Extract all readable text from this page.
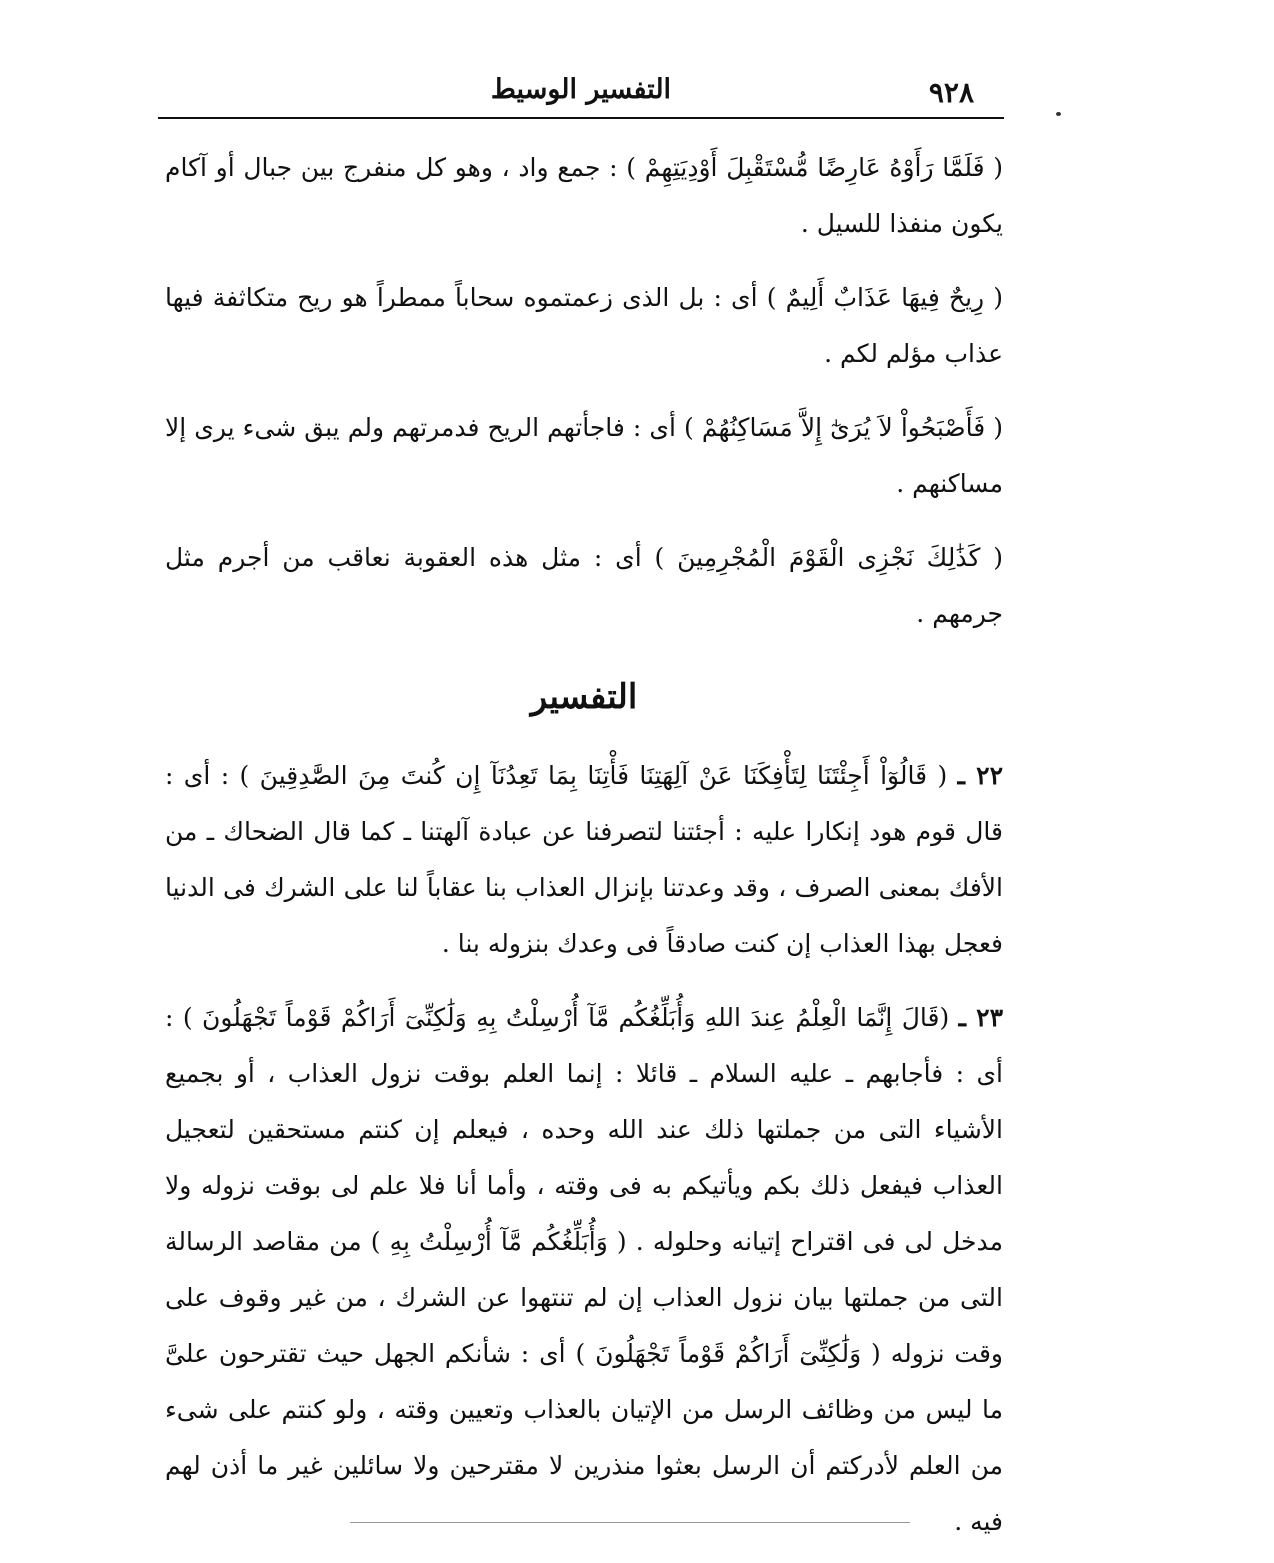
٩٢٨
التفسير الوسيط

( فَلَمَّا رَأَوْهُ عَارِضًا مُّسْتَقْبِلَ أَوْدِيَتِهِمْ ) : جمع واد ، وهو كل منفرج بين جبال أو آكام يكون منفذا للسيل .

( رِيحٌ فِيهَا عَذَابٌ أَلِيمٌ ) أى : بل الذى زعمتموه سحاباً ممطراً هو ريح متكاثفة فيها عذاب مؤلم لكم .

( فَأَصْبَحُواْ لاَ يُرَىٰٓ إِلاَّ مَسَاكِنُهُمْ ) أى : فاجأتهم الريح فدمرتهم ولم يبق شىء يرى إلا مساكنهم .

( كَذَٰلِكَ نَجْزِى الْقَوْمَ الْمُجْرِمِينَ ) أى : مثل هذه العقوبة نعاقب من أجرم مثل جرمهم .

التفسير

٢٢ ـ ( قَالُوٓاْ أَجِئْتَنَا لِتَأْفِكَنَا عَنْ آلِهَتِنَا فَأْتِنَا بِمَا تَعِدُنَآ إِن كُنتَ مِنَ الصَّٰدِقِينَ ) : أى : قال قوم هود إنكارا عليه : أجئتنا لتصرفنا عن عبادة آلهتنا ـ كما قال الضحاك ـ من الأفك بمعنى الصرف ، وقد وعدتنا بإنزال العذاب بنا عقاباً لنا على الشرك فى الدنيا فعجل بهذا العذاب إن كنت صادقاً فى وعدك بنزوله بنا .

٢٣ ـ (قَالَ إِنَّمَا الْعِلْمُ عِندَ اللهِ وَأُبَلِّغُكُم مَّآ أُرْسِلْتُ بِهِ وَلَٰكِنِّىٓ أَرَاكُمْ قَوْماً تَجْهَلُونَ ) : أى : فأجابهم ـ عليه السلام ـ قائلا : إنما العلم بوقت نزول العذاب ، أو بجميع الأشياء التى من جملتها ذلك عند الله وحده ، فيعلم إن كنتم مستحقين لتعجيل العذاب فيفعل ذلك بكم ويأتيكم به فى وقته ، وأما أنا فلا علم لى بوقت نزوله ولا مدخل لى فى اقتراح إتيانه وحلوله . ( وَأُبَلِّغُكُم مَّآ أُرْسِلْتُ بِهِ ) من مقاصد الرسالة التى من جملتها بيان نزول العذاب إن لم تنتهوا عن الشرك ، من غير وقوف على وقت نزوله ( وَلَٰكِنِّىٓ أَرَاكُمْ قَوْماً تَجْهَلُونَ ) أى : شأنكم الجهل حيث تقترحون علىَّ ما ليس من وظائف الرسل من الإتيان بالعذاب وتعيين وقته ، ولو كنتم على شىء من العلم لأدركتم أن الرسل بعثوا منذرين لا مقترحين ولا سائلين غير ما أذن لهم فيه .
